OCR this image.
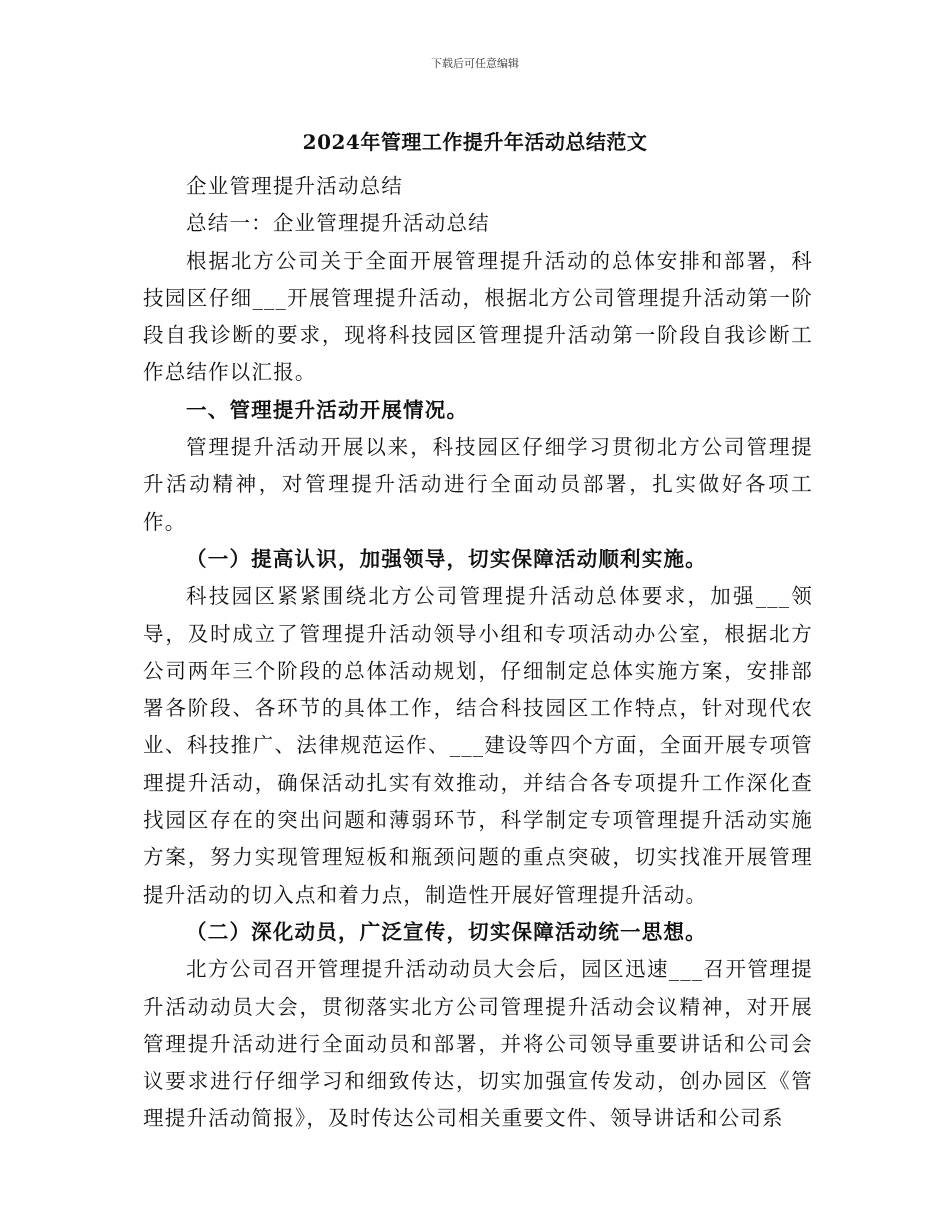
下载后可任意编辑
2024年管理工作提升年活动总结范文

企业管理提升活动总结

总结一：企业管理提升活动总结

根据北方公司关于全面开展管理提升活动的总体安排和部署，科技园区仔细___开展管理提升活动，根据北方公司管理提升活动第一阶段自我诊断的要求，现将科技园区管理提升活动第一阶段自我诊断工作总结作以汇报。

一、管理提升活动开展情况。

管理提升活动开展以来，科技园区仔细学习贯彻北方公司管理提升活动精神，对管理提升活动进行全面动员部署，扎实做好各项工作。

（一）提高认识，加强领导，切实保障活动顺利实施。

科技园区紧紧围绕北方公司管理提升活动总体要求，加强___领导，及时成立了管理提升活动领导小组和专项活动办公室，根据北方公司两年三个阶段的总体活动规划，仔细制定总体实施方案，安排部署各阶段、各环节的具体工作，结合科技园区工作特点，针对现代农业、科技推广、法律规范运作、___建设等四个方面，全面开展专项管理提升活动，确保活动扎实有效推动，并结合各专项提升工作深化查找园区存在的突出问题和薄弱环节，科学制定专项管理提升活动实施方案，努力实现管理短板和瓶颈问题的重点突破，切实找准开展管理提升活动的切入点和着力点，制造性开展好管理提升活动。

（二）深化动员，广泛宣传，切实保障活动统一思想。

北方公司召开管理提升活动动员大会后，园区迅速___召开管理提升活动动员大会，贯彻落实北方公司管理提升活动会议精神，对开展管理提升活动进行全面动员和部署，并将公司领导重要讲话和公司会议要求进行仔细学习和细致传达，切实加强宣传发动，创办园区《管理提升活动简报》，及时传达公司相关重要文件、领导讲话和公司系
